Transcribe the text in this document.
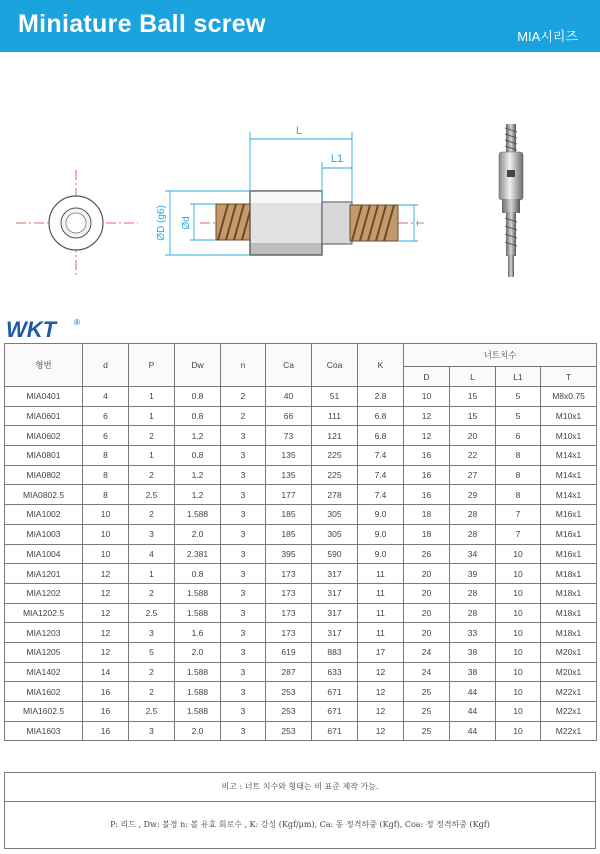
Miniature Ball screw	MIA시리즈
L
L1
ØD (g6) Ød	T
WKT ®
형번	d	P	Dw	n	Ca	Coa	K	너트치수			
								D	L	L1	T
MIA0401	4	1	0.8	2	40	51	2.8	10	15	5	M8x0.75
MIA0601	6	1	0.8	2	66	111	6.8	12	15	5	M10x1
MIA0602	6	2	1.2	3	73	121	6.8	12	20	6	M10x1
MIA0801	8	1	0.8	3	135	225	7.4	16	22	8	M14x1
MIA0802	8	2	1.2	3	135	225	7.4	16	27	8	M14x1
MIA0802.5	8	2.5	1.2	3	177	278	7.4	16	29	8	M14x1
MIA1002	10	2	1.588	3	185	305	9.0	18	28	7	M16x1
MIA1003	10	3	2.0	3	185	305	9.0	18	28	7	M16x1
MIA1004	10	4	2.381	3	395	590	9.0	26	34	10	M16x1
MIA1201	12	1	0.8	3	173	317	11	20	39	10	M18x1
MIA1202	12	2	1.588	3	173	317	11	20	28	10	M18x1
MIA1202.5	12	2.5	1.588	3	173	317	11	20	28	10	M18x1
MIA1203	12	3	1.6	3	173	317	11	20	33	10	M18x1
MIA1205	12	5	2.0	3	619	883	17	24	38	10	M20x1
MIA1402	14	2	1.588	3	287	633	12	24	38	10	M20x1
MIA1602	16	2	1.588	3	253	671	12	25	44	10	M22x1
MIA1602.5	16	2.5	1.588	3	253	671	12	25	44	10	M22x1
MIA1603	16	3	2.0	3	253	671	12	25	44	10	M22x1
비고 : 너트 치수와 형태는 비 표준 제작 가능.
P: 리드 , Dw: 볼경 n: 볼 유효 회로수 , K: 강성 (Kgf/μm), Ca: 동 정격하중 (Kgf), Coa: 정 정격하중 (Kgf)
